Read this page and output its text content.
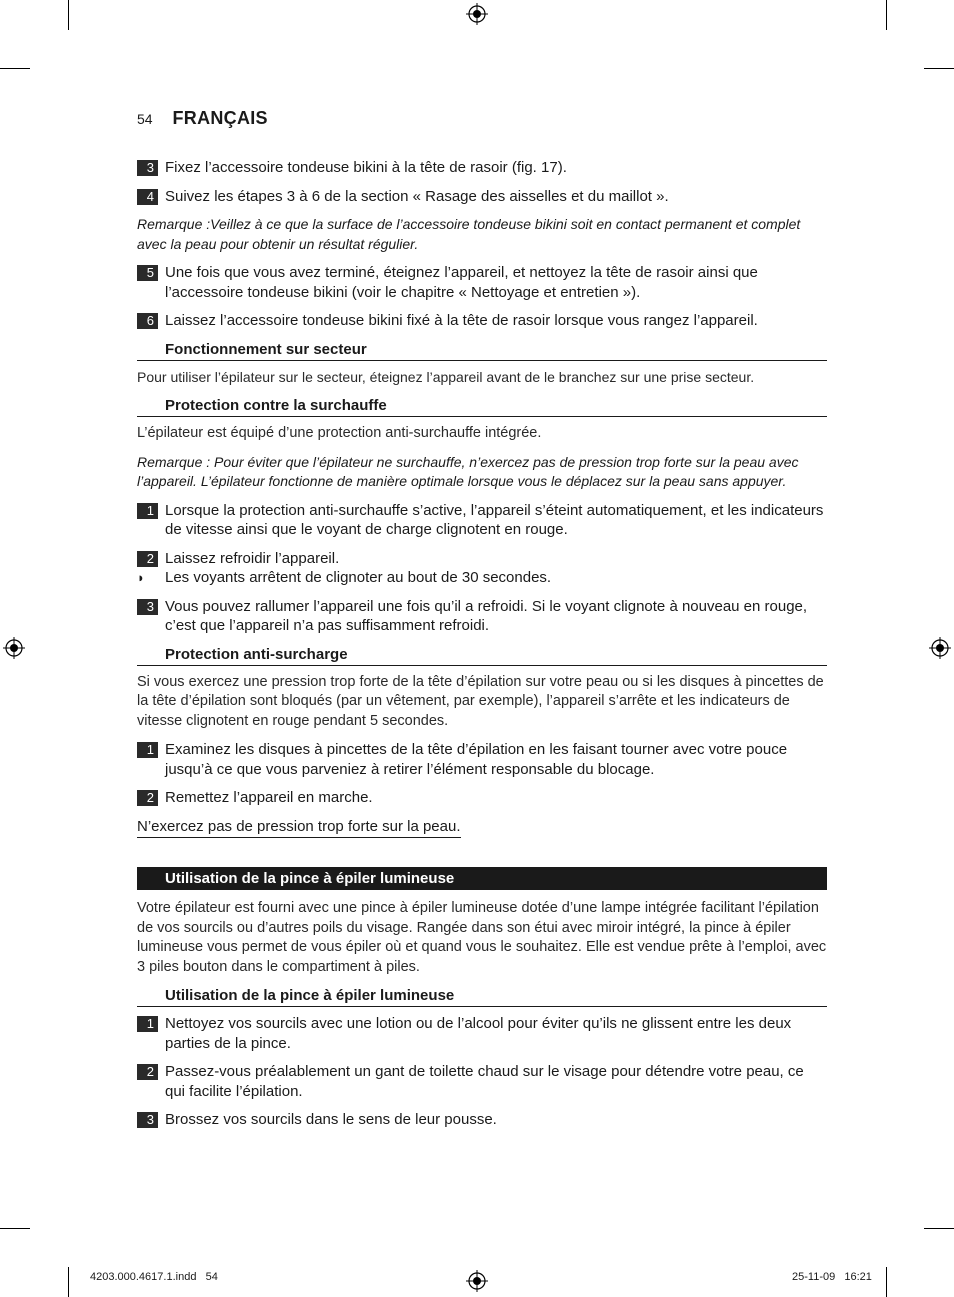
54 FRANÇAIS
3 Fixez l’accessoire tondeuse bikini à la tête de rasoir (fig. 17).
4 Suivez les étapes 3 à 6 de la section « Rasage des aisselles et du maillot ».

Remarque :Veillez à ce que la surface de l’accessoire tondeuse bikini soit en contact permanent et complet avec la peau pour obtenir un résultat régulier.

5 Une fois que vous avez terminé, éteignez l’appareil, et nettoyez la tête de rasoir ainsi que l’accessoire tondeuse bikini (voir le chapitre « Nettoyage et entretien »).
6 Laissez l’accessoire tondeuse bikini fixé à la tête de rasoir lorsque vous rangez l’appareil.
Fonctionnement sur secteur

Pour utiliser l’épilateur sur le secteur, éteignez l’appareil avant de le branchez sur une prise secteur.

Protection contre la surchauffe

L’épilateur est équipé d’une protection anti-surchauffe intégrée.

Remarque : Pour éviter que l’épilateur ne surchauffe, n’exercez pas de pression trop forte sur la peau avec l’appareil. L’épilateur fonctionne de manière optimale lorsque vous le déplacez sur la peau sans appuyer.

1 Lorsque la protection anti-surchauffe s’active, l’appareil s’éteint automatiquement, et les indicateurs de vitesse ainsi que le voyant de charge clignotent en rouge.
2 Laissez refroidir l’appareil.
◗ Les voyants arrêtent de clignoter au bout de 30 secondes.
3 Vous pouvez rallumer l’appareil une fois qu’il a refroidi. Si le voyant clignote à nouveau en rouge, c’est que l’appareil n’a pas suffisamment refroidi.
Protection anti-surcharge

Si vous exercez une pression trop forte de la tête d’épilation sur votre peau ou si les disques à pincettes de la tête d’épilation sont bloqués (par un vêtement, par exemple), l’appareil s’arrête et les indicateurs de vitesse clignotent en rouge pendant 5 secondes.

1 Examinez les disques à pincettes de la tête d’épilation en les faisant tourner avec votre pouce jusqu’à ce que vous parveniez à retirer l’élément responsable du blocage.
2 Remettez l’appareil en marche.
N’exercez pas de pression trop forte sur la peau.
Utilisation de la pince à épiler lumineuse

Votre épilateur est fourni avec une pince à épiler lumineuse dotée d’une lampe intégrée facilitant l’épilation de vos sourcils ou d’autres poils du visage. Rangée dans son étui avec miroir intégré, la pince à épiler lumineuse vous permet de vous épiler où et quand vous le souhaitez. Elle est vendue prête à l’emploi, avec 3 piles bouton dans le compartiment à piles.

Utilisation de la pince à épiler lumineuse
1 Nettoyez vos sourcils avec une lotion ou de l’alcool pour éviter qu’ils ne glissent entre les deux parties de la pince.
2 Passez-vous préalablement un gant de toilette chaud sur le visage pour détendre votre peau, ce qui facilite l’épilation.
3 Brossez vos sourcils dans le sens de leur pousse.
4203.000.4617.1.indd   54	25-11-09   16:21
